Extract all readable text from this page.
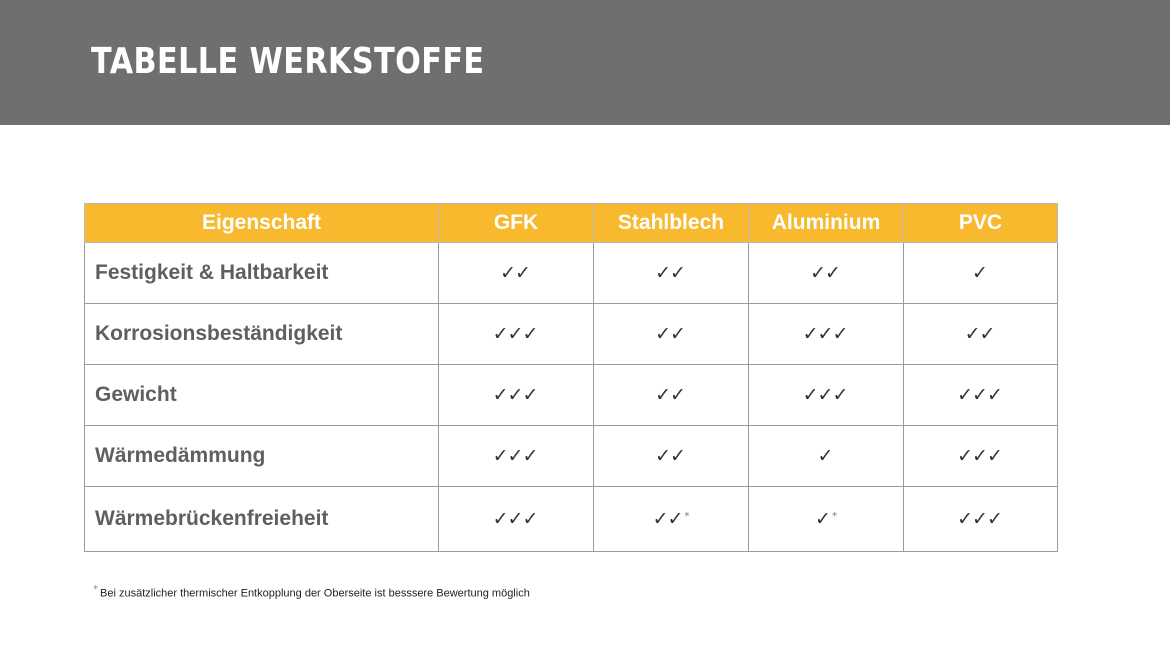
TABELLE WERKSTOFFE
Eigenschaft	GFK	Stahlblech	Aluminium	PVC
Festigkeit & Haltbarkeit	✓✓	✓✓	✓✓	✓
Korrosionsbeständigkeit	✓✓✓	✓✓	✓✓✓	✓✓
Gewicht	✓✓✓	✓✓	✓✓✓	✓✓✓
Wärmedämmung	✓✓✓	✓✓	✓	✓✓✓
Wärmebrückenfreieheit	✓✓✓	✓✓ *	✓ *	✓✓✓
* Bei zusätzlicher thermischer Entkopplung der Oberseite ist besssere Bewertung möglich
